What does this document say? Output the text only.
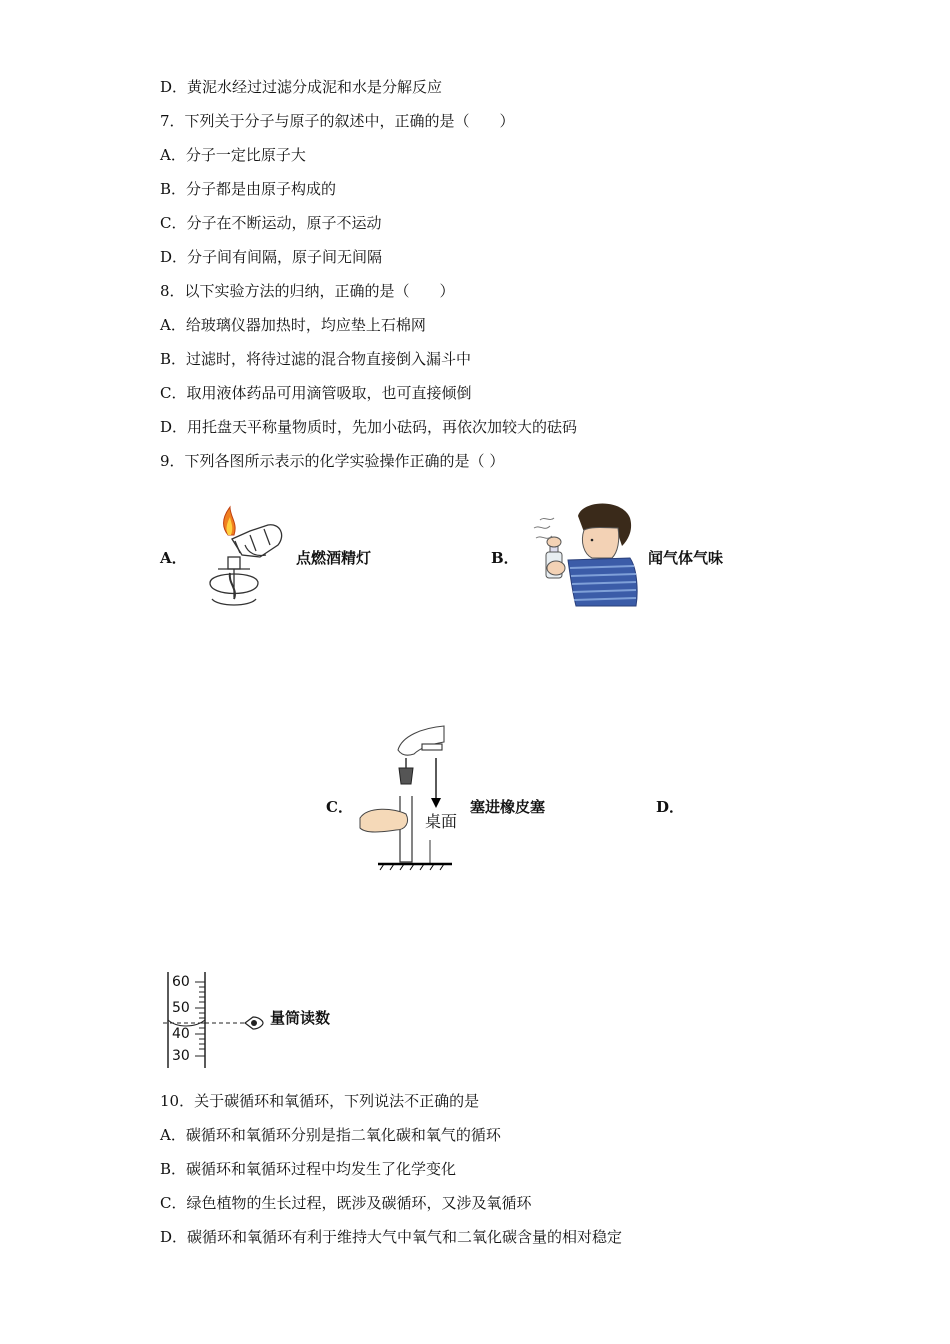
D．黄泥水经过过滤分成泥和水是分解反应
7．下列关于分子与原子的叙述中，正确的是（　　）
A．分子一定比原子大
B．分子都是由原子构成的
C．分子在不断运动，原子不运动
D．分子间有间隔，原子间无间隔
8．以下实验方法的归纳，正确的是（　　）
A．给玻璃仪器加热时，均应垫上石棉网
B．过滤时，将待过滤的混合物直接倒入漏斗中
C．取用液体药品可用滴管吸取，也可直接倾倒
D．用托盘天平称量物质时，先加小砝码，再依次加较大的砝码
9．下列各图所示表示的化学实验操作正确的是（ ）
A．	点燃酒精灯	B．	闻气体气味
C．
桌面
塞进橡皮塞	D．
60
50
40
30
量筒读数
10．关于碳循环和氧循环，下列说法不正确的是
A．碳循环和氧循环分别是指二氧化碳和氧气的循环
B．碳循环和氧循环过程中均发生了化学变化
C．绿色植物的生长过程，既涉及碳循环，又涉及氧循环
D．碳循环和氧循环有利于维持大气中氧气和二氧化碳含量的相对稳定
